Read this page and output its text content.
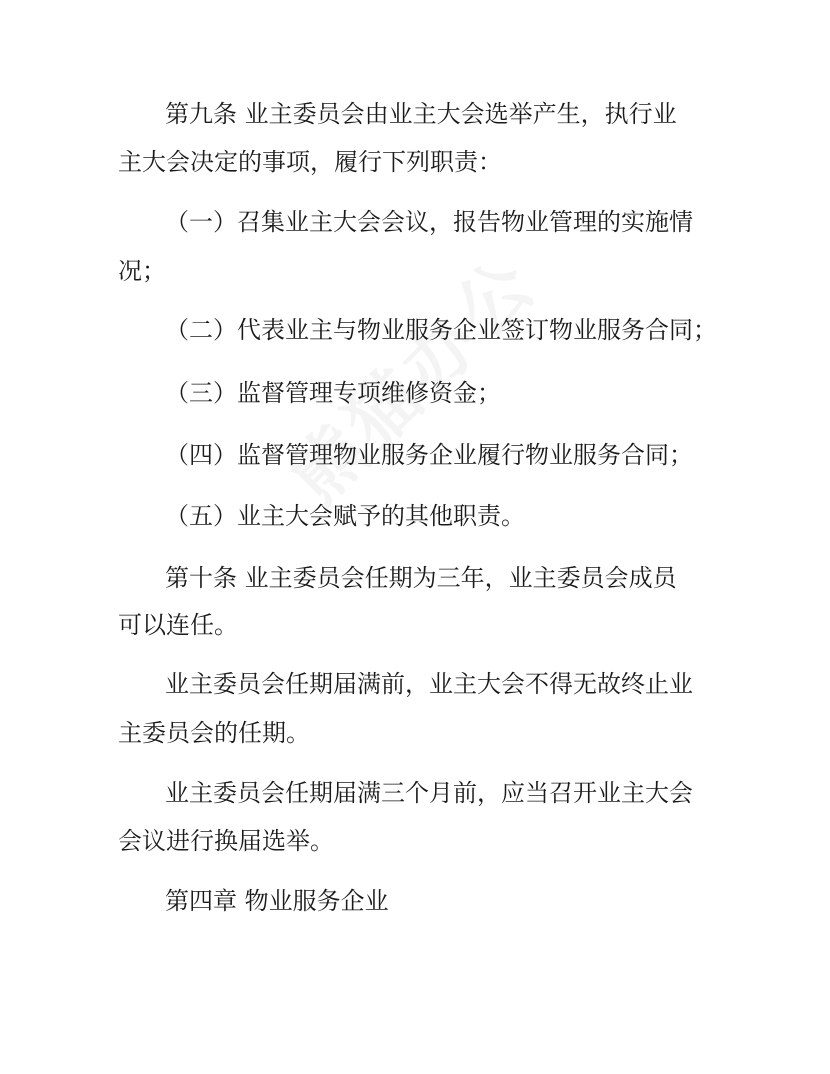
第九条 业主委员会由业主大会选举产生，执行业
主大会决定的事项，履行下列职责：
（一）召集业主大会会议，报告物业管理的实施情
况；
（二）代表业主与物业服务企业签订物业服务合同；
（三）监督管理专项维修资金；
（四）监督管理物业服务企业履行物业服务合同；
（五）业主大会赋予的其他职责。
第十条 业主委员会任期为三年，业主委员会成员
可以连任。
业主委员会任期届满前，业主大会不得无故终止业
主委员会的任期。
业主委员会任期届满三个月前，应当召开业主大会
会议进行换届选举。
第四章 物业服务企业
